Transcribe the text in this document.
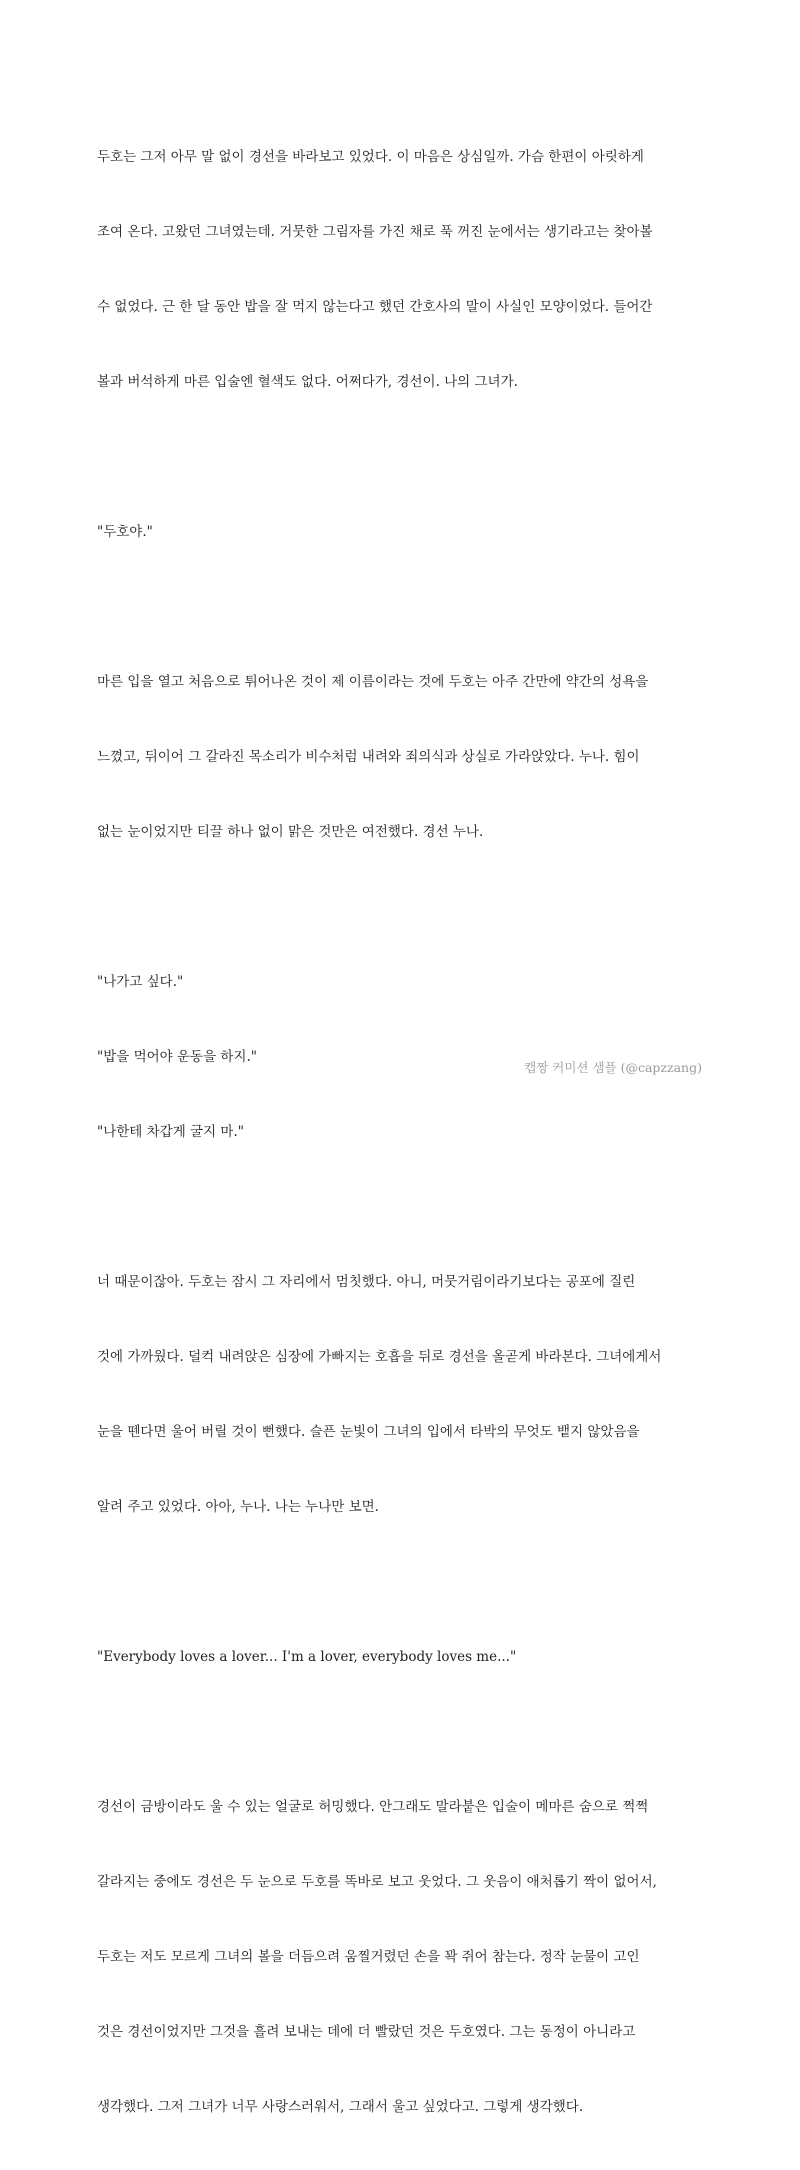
두호는 그저 아무 말 없이 경선을 바라보고 있었다. 이 마음은 상심일까. 가슴 한편이 아릿하게

조여 온다. 고왔던 그녀였는데. 거뭇한 그림자를 가진 채로 푹 꺼진 눈에서는 생기라고는 찾아볼

수 없었다. 근 한 달 동안 밥을 잘 먹지 않는다고 했던 간호사의 말이 사실인 모양이었다. 들어간

볼과 버석하게 마른 입술엔 혈색도 없다. 어쩌다가, 경선이. 나의 그녀가.

"두호야."

마른 입을 열고 처음으로 튀어나온 것이 제 이름이라는 것에 두호는 아주 간만에 약간의 성욕을

느꼈고, 뒤이어 그 갈라진 목소리가 비수처럼 내려와 죄의식과 상실로 가라앉았다. 누나. 힘이

없는 눈이었지만 티끌 하나 없이 맑은 것만은 여전했다. 경선 누나.

"나가고 싶다."

"밥을 먹어야 운동을 하지."

"나한테 차갑게 굴지 마."

너 때문이잖아. 두호는 잠시 그 자리에서 멈칫했다. 아니, 머뭇거림이라기보다는 공포에 질린

것에 가까웠다. 덜컥 내려앉은 심장에 가빠지는 호흡을 뒤로 경선을 올곧게 바라본다. 그녀에게서

눈을 뗀다면 울어 버릴 것이 뻔했다. 슬픈 눈빛이 그녀의 입에서 타박의 무엇도 뱉지 않았음을

알려 주고 있었다. 아아, 누나. 나는 누나만 보면.

"Everybody loves a lover... I'm a lover, everybody loves me..."

경선이 금방이라도 울 수 있는 얼굴로 허밍했다. 안그래도 말라붙은 입술이 메마른 숨으로 쩍쩍

갈라지는 중에도 경선은 두 눈으로 두호를 똑바로 보고 웃었다. 그 웃음이 애처롭기 짝이 없어서,

두호는 저도 모르게 그녀의 볼을 더듬으려 움찔거렸던 손을 꽉 쥐어 참는다. 정작 눈물이 고인

것은 경선이었지만 그것을 흘려 보내는 데에 더 빨랐던 것은 두호였다. 그는 동정이 아니라고

생각했다. 그저 그녀가 너무 사랑스러워서, 그래서 울고 싶었다고. 그렇게 생각했다.

캡짱 커미션 샘플 (@capzzang)
